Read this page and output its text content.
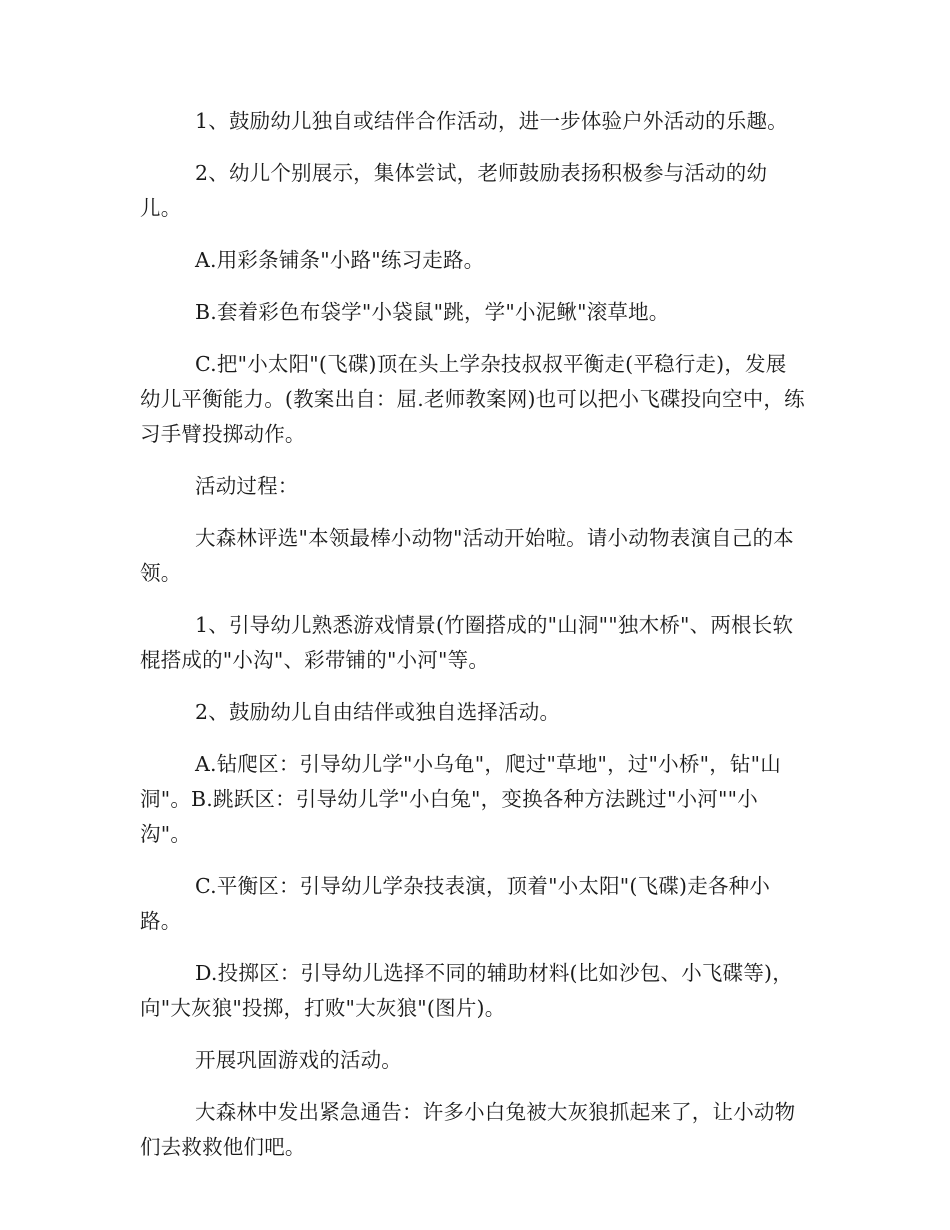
1、鼓励幼儿独自或结伴合作活动，进一步体验户外活动的乐趣。

2、幼儿个别展示，集体尝试，老师鼓励表扬积极参与活动的幼儿。

A.用彩条铺条"小路"练习走路。

B.套着彩色布袋学"小袋鼠"跳，学"小泥鳅"滚草地。

C.把"小太阳"(飞碟)顶在头上学杂技叔叔平衡走(平稳行走)，发展幼儿平衡能力。(教案出自：屈.老师教案网)也可以把小飞碟投向空中，练习手臂投掷动作。

活动过程：

大森林评选"本领最棒小动物"活动开始啦。请小动物表演自己的本领。

1、引导幼儿熟悉游戏情景(竹圈搭成的"山洞""独木桥"、两根长软棍搭成的"小沟"、彩带铺的"小河"等。

2、鼓励幼儿自由结伴或独自选择活动。

A.钻爬区：引导幼儿学"小乌龟"，爬过"草地"，过"小桥"，钻"山洞"。B.跳跃区：引导幼儿学"小白兔"，变换各种方法跳过"小河""小沟"。

C.平衡区：引导幼儿学杂技表演，顶着"小太阳"(飞碟)走各种小路。

D.投掷区：引导幼儿选择不同的辅助材料(比如沙包、小飞碟等)，向"大灰狼"投掷，打败"大灰狼"(图片)。

开展巩固游戏的活动。

大森林中发出紧急通告：许多小白兔被大灰狼抓起来了，让小动物们去救救他们吧。
